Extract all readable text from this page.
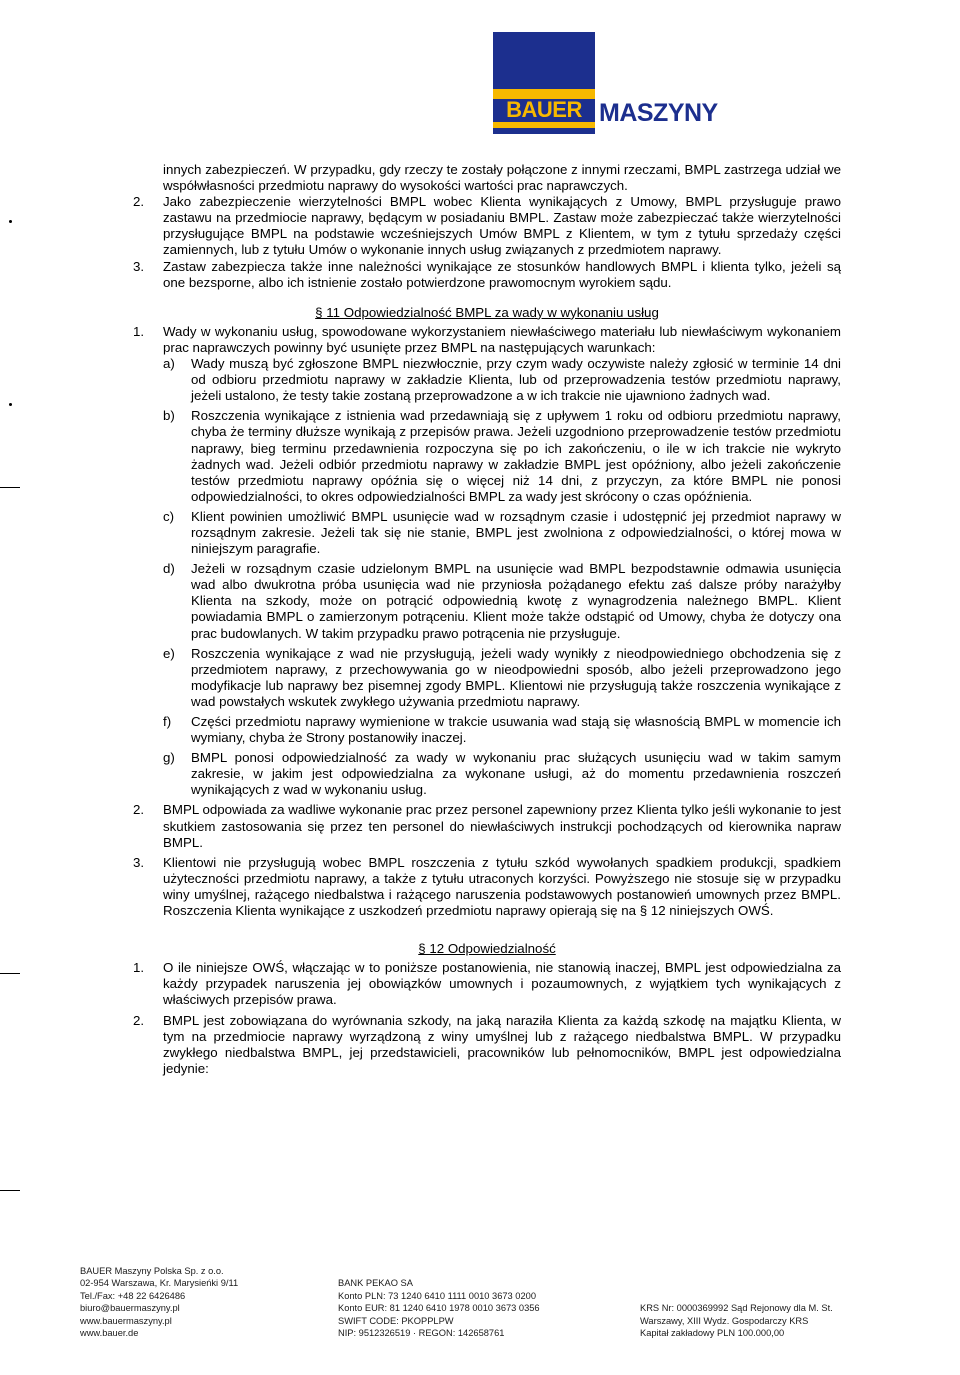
BAUER MASZYNY

innych zabezpieczeń. W przypadku, gdy rzeczy te zostały połączone z innymi rzeczami, BMPL zastrzega udział we współwłasności przedmiotu naprawy do wysokości wartości prac naprawczych.

2. Jako zabezpieczenie wierzytelności BMPL wobec Klienta wynikających z Umowy, BMPL przysługuje prawo zastawu na przedmiocie naprawy, będącym w posiadaniu BMPL. Zastaw może zabezpieczać także wierzytelności przysługujące BMPL na podstawie wcześniejszych Umów BMPL z Klientem, w tym z tytułu sprzedaży części zamiennych, lub z tytułu Umów o wykonanie innych usług związanych z przedmiotem naprawy.
3. Zastaw zabezpiecza także inne należności wynikające ze stosunków handlowych BMPL i klienta tylko, jeżeli są one bezsporne, albo ich istnienie zostało potwierdzone prawomocnym wyrokiem sądu.
§ 11 Odpowiedzialność BMPL za wady w wykonaniu usług
1. Wady w wykonaniu usług, spowodowane wykorzystaniem niewłaściwego materiału lub niewłaściwym wykonaniem prac naprawczych powinny być usunięte przez BMPL na następujących warunkach:
a) Wady muszą być zgłoszone BMPL niezwłocznie, przy czym wady oczywiste należy zgłosić w terminie 14 dni od odbioru przedmiotu naprawy w zakładzie Klienta, lub od przeprowadzenia testów przedmiotu naprawy, jeżeli ustalono, że testy takie zostaną przeprowadzone a w ich trakcie nie ujawniono żadnych wad.
b) Roszczenia wynikające z istnienia wad przedawniają się z upływem 1 roku od odbioru przedmiotu naprawy, chyba że terminy dłuższe wynikają z przepisów prawa. Jeżeli uzgodniono przeprowadzenie testów przedmiotu naprawy, bieg terminu przedawnienia rozpoczyna się po ich zakończeniu, o ile w ich trakcie nie wykryto żadnych wad. Jeżeli odbiór przedmiotu naprawy w zakładzie BMPL jest opóźniony, albo jeżeli zakończenie testów przedmiotu naprawy opóźnia się o więcej niż 14 dni, z przyczyn, za które BMPL nie ponosi odpowiedzialności, to okres odpowiedzialności BMPL za wady jest skrócony o czas opóźnienia.
c) Klient powinien umożliwić BMPL usunięcie wad w rozsądnym czasie i udostępnić jej przedmiot naprawy w rozsądnym zakresie. Jeżeli tak się nie stanie, BMPL jest zwolniona z odpowiedzialności, o której mowa w niniejszym paragrafie.
d) Jeżeli w rozsądnym czasie udzielonym BMPL na usunięcie wad BMPL bezpodstawnie odmawia usunięcia wad albo dwukrotna próba usunięcia wad nie przyniosła pożądanego efektu zaś dalsze próby narażyłby Klienta na szkody, może on potrącić odpowiednią kwotę z wynagrodzenia należnego BMPL. Klient powiadamia BMPL o zamierzonym potrąceniu. Klient może także odstąpić od Umowy, chyba że dotyczy ona prac budowlanych. W takim przypadku prawo potrącenia nie przysługuje.
e) Roszczenia wynikające z wad nie przysługują, jeżeli wady wynikły z nieodpowiedniego obchodzenia się z przedmiotem naprawy, z przechowywania go w nieodpowiedni sposób, albo jeżeli przeprowadzono jego modyfikacje lub naprawy bez pisemnej zgody BMPL. Klientowi nie przysługują także roszczenia wynikające z wad powstałych wskutek zwykłego używania przedmiotu naprawy.
f) Części przedmiotu naprawy wymienione w trakcie usuwania wad stają się własnością BMPL w momencie ich wymiany, chyba że Strony postanowiły inaczej.
g) BMPL ponosi odpowiedzialność za wady w wykonaniu prac służących usunięciu wad w takim samym zakresie, w jakim jest odpowiedzialna za wykonane usługi, aż do momentu przedawnienia roszczeń wynikających z wad w wykonaniu usług.
2. BMPL odpowiada za wadliwe wykonanie prac przez personel zapewniony przez Klienta tylko jeśli wykonanie to jest skutkiem zastosowania się przez ten personel do niewłaściwych instrukcji pochodzących od kierownika napraw BMPL.
3. Klientowi nie przysługują wobec BMPL roszczenia z tytułu szkód wywołanych spadkiem produkcji, spadkiem użyteczności przedmiotu naprawy, a także z tytułu utraconych korzyści. Powyższego nie stosuje się w przypadku winy umyślnej, rażącego niedbalstwa i rażącego naruszenia podstawowych postanowień umownych przez BMPL. Roszczenia Klienta wynikające z uszkodzeń przedmiotu naprawy opierają się na § 12 niniejszych OWŚ.
§ 12 Odpowiedzialność
1. O ile niniejsze OWŚ, włączając w to poniższe postanowienia, nie stanowią inaczej, BMPL jest odpowiedzialna za każdy przypadek naruszenia jej obowiązków umownych i pozaumownych, z wyjątkiem tych wynikających z właściwych przepisów prawa.
2. BMPL jest zobowiązana do wyrównania szkody, na jaką naraziła Klienta za każdą szkodę na majątku Klienta, w tym na przedmiocie naprawy wyrządzoną z winy umyślnej lub z rażącego niedbalstwa BMPL. W przypadku zwykłego niedbalstwa BMPL, jej przedstawicieli, pracowników lub pełnomocników, BMPL jest odpowiedzialna jedynie:
BAUER Maszyny Polska Sp. z o.o.
02-954 Warszawa, Kr. Marysieńki 9/11
Tel./Fax: +48 22 6426486
biuro@bauermaszyny.pl
www.bauermaszyny.pl
www.bauer.de
BANK PEKAO SA
Konto PLN: 73 1240 6410 1111 0010 3673 0200
Konto EUR: 81 1240 6410 1978 0010 3673 0356
SWIFT CODE: PKOPPLPW
NIP: 9512326519 · REGON: 142658761
KRS Nr: 0000369992 Sąd Rejonowy dla M. St.
Warszawy, XIII Wydz. Gospodarczy KRS
Kapitał zakładowy PLN 100.000,00
